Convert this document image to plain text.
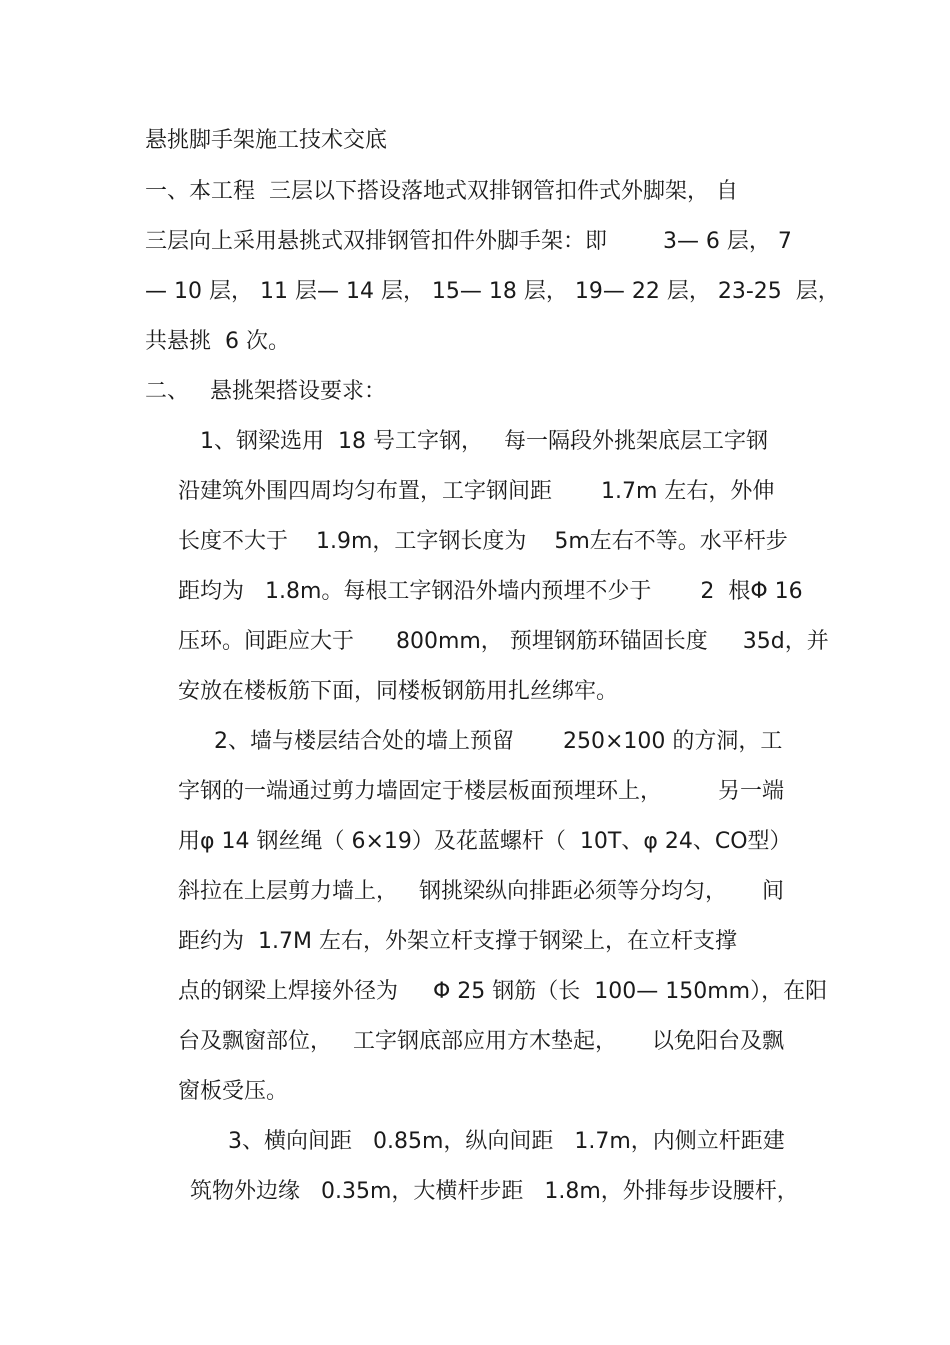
悬挑脚手架施工技术交底
一、本工程  三层以下搭设落地式双排钢管扣件式外脚架， 自
三层向上采用悬挑式双排钢管扣件外脚手架：即        3— 6 层， 7
— 10 层， 11 层— 14 层， 15— 18 层， 19— 22 层， 23-25  层，
共悬挑  6 次。
二、   悬挑架搭设要求：
1、钢梁选用  18 号工字钢，   每一隔段外挑架底层工字钢
沿建筑外围四周均匀布置，工字钢间距       1.7m 左右，外伸
长度不大于    1.9m，工字钢长度为    5m左右不等。水平杆步
距均为   1.8m。每根工字钢沿外墙内预埋不少于       2  根Φ 16
压环。间距应大于      800mm， 预埋钢筋环锚固长度     35d，并
安放在楼板筋下面，同楼板钢筋用扎丝绑牢。
2、墙与楼层结合处的墙上预留       250×100 的方洞，工
字钢的一端通过剪力墙固定于楼层板面预埋环上，        另一端
用φ 14 钢丝绳（ 6×19）及花蓝螺杆（  10T、φ 24、CO型）
斜拉在上层剪力墙上，   钢挑梁纵向排距必须等分均匀，     间
距约为  1.7M 左右，外架立杆支撑于钢梁上，在立杆支撑
点的钢梁上焊接外径为     Φ 25 钢筋（长  100— 150mm），在阳
台及飘窗部位，   工字钢底部应用方木垫起，     以免阳台及飘
窗板受压。
3、横向间距   0.85m，纵向间距   1.7m，内侧立杆距建
筑物外边缘   0.35m，大横杆步距   1.8m，外排每步设腰杆，
